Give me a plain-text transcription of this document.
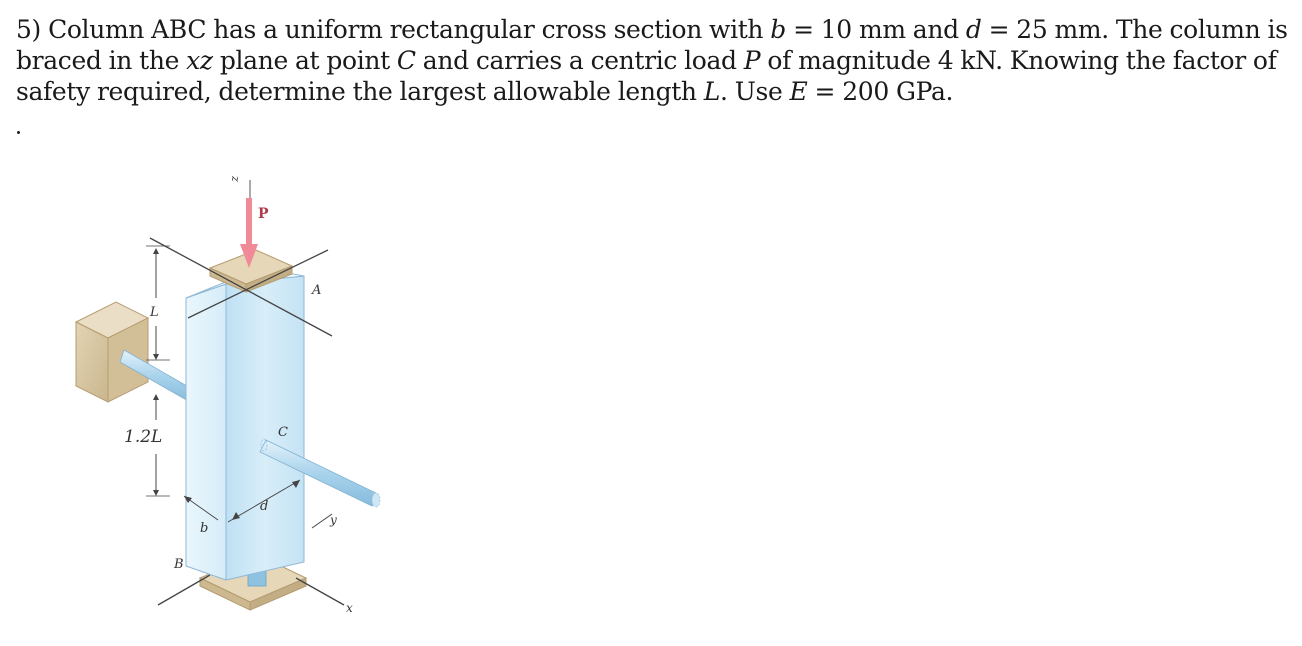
5) Column ABC has a uniform rectangular cross section with b = 10 mm and d = 25 mm. The column is braced in the xz plane at point C and carries a centric load P of magnitude 4 kN. Knowing the factor of safety required, determine the largest allowable length L. Use E = 200 GPa.

z
P
A
C
B
L
1.2L
b
d
y
x
